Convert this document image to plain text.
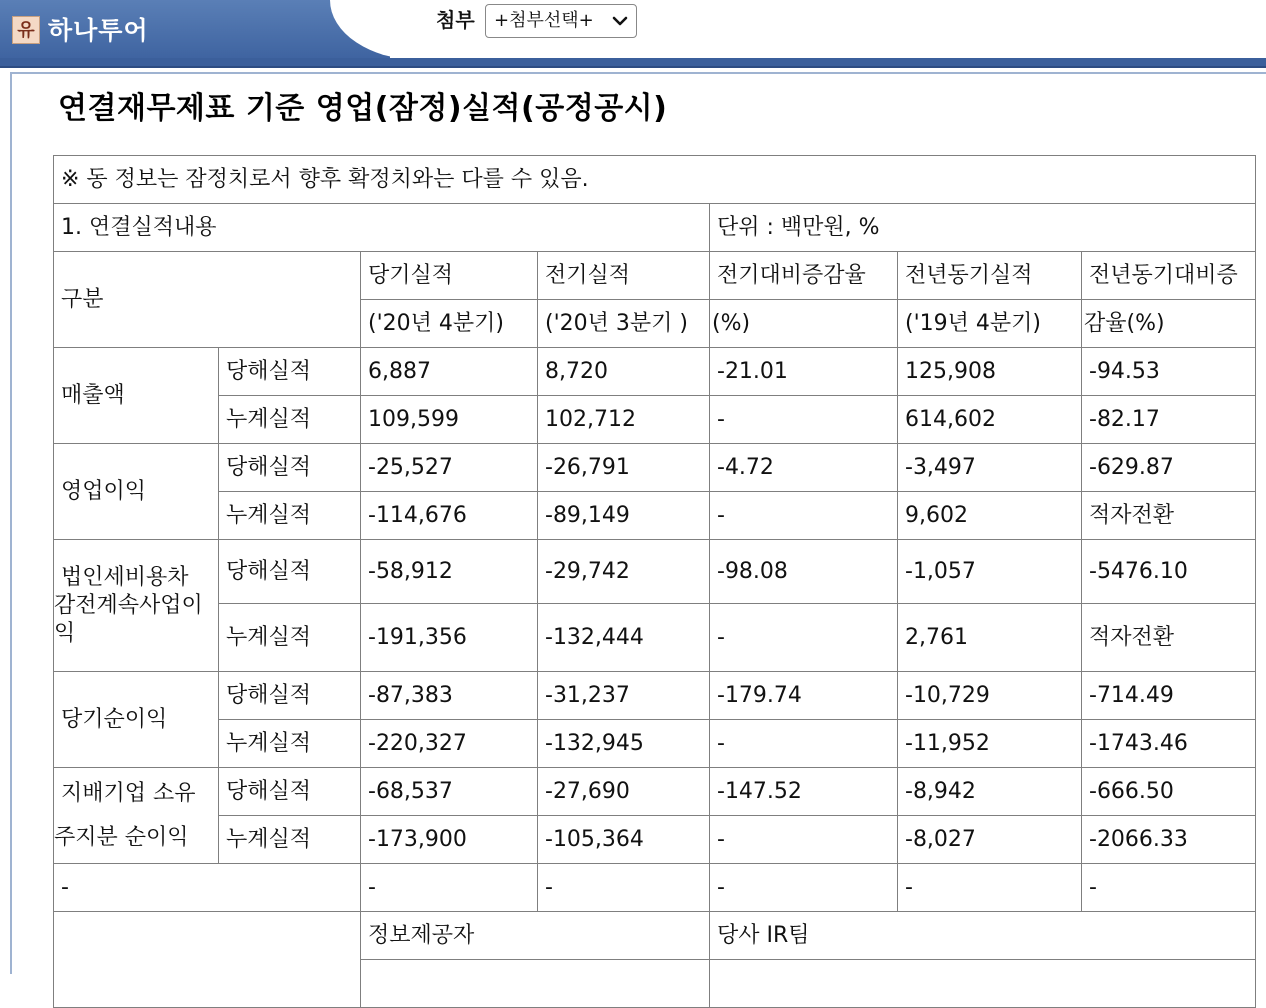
유 하나투어	첨부	+첨부선택+
연결재무제표 기준 영업(잠정)실적(공정공시)
※ 동 정보는 잠정치로서 향후 확정치와는 다를 수 있음.						
1. 연결실적내용				단위 : 백만원, %		
구분		당기실적	전기실적	전기대비증감율	전년동기실적	전년동기대비증
		('20년 4분기)	('20년 3분기 )	(%)	('19년 4분기)	감율(%)
매출액	당해실적	6,887	8,720	-21.01	125,908	-94.53
	누계실적	109,599	102,712	-	614,602	-82.17
영업이익	당해실적	-25,527	-26,791	-4.72	-3,497	-629.87
	누계실적	-114,676	-89,149	-	9,602	적자전환

법인세비용차
감전계속사업이
익	당해실적	-58,912	-29,742	-98.08	-1,057	-5476.10
	누계실적	-191,356	-132,444	-	2,761	적자전환
당기순이익	당해실적	-87,383	-31,237	-179.74	-10,729	-714.49
	누계실적	-220,327	-132,945	-	-11,952	-1743.46

지배기업 소유
주지분 순이익	당해실적	-68,537	-27,690	-147.52	-8,942	-666.50
	누계실적	-173,900	-105,364	-	-8,027	-2066.33
-		-	-	-	-	-
		정보제공자		당사 IR팀		
